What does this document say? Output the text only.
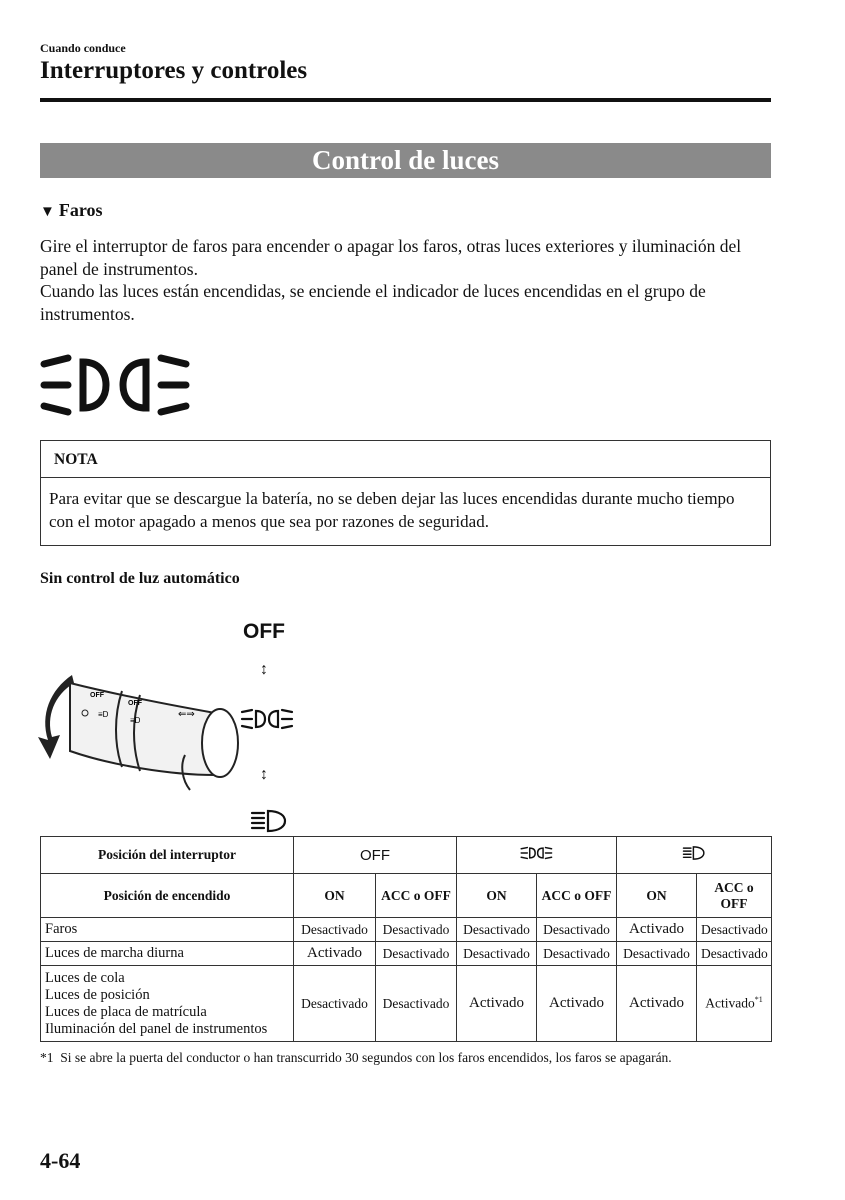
Cuando conduce
Interruptores y controles
Control de luces
▼ Faros
Gire el interruptor de faros para encender o apagar los faros, otras luces exteriores y iluminación del panel de instrumentos.
Cuando las luces están encendidas, se enciende el indicador de luces encendidas en el grupo de instrumentos.
NOTA
Para evitar que se descargue la batería, no se deben dejar las luces encendidas durante mucho tiempo con el motor apagado a menos que sea por razones de seguridad.
Sin control de luz automático
OFF
↕
↕
OFF
OFF
≡D
≡D
⇐⇒
Posición del interruptor	OFF		
Posición de encendido	ON	ACC o OFF	ON	ACC o OFF	ON	ACC o OFF
Faros	Desactivado	Desactivado	Desactivado	Desactivado	Activado	Desactivado
Luces de marcha diurna	Activado	Desactivado	Desactivado	Desactivado	Desactivado	Desactivado

Luces de cola
Luces de posición
Luces de placa de matrícula
Iluminación del panel de instrumentos	Desactivado	Desactivado	Activado	Activado	Activado	Activado$^{*1}$
*1 Si se abre la puerta del conductor o han transcurrido 30 segundos con los faros encendidos, los faros se apagarán.
4-64
